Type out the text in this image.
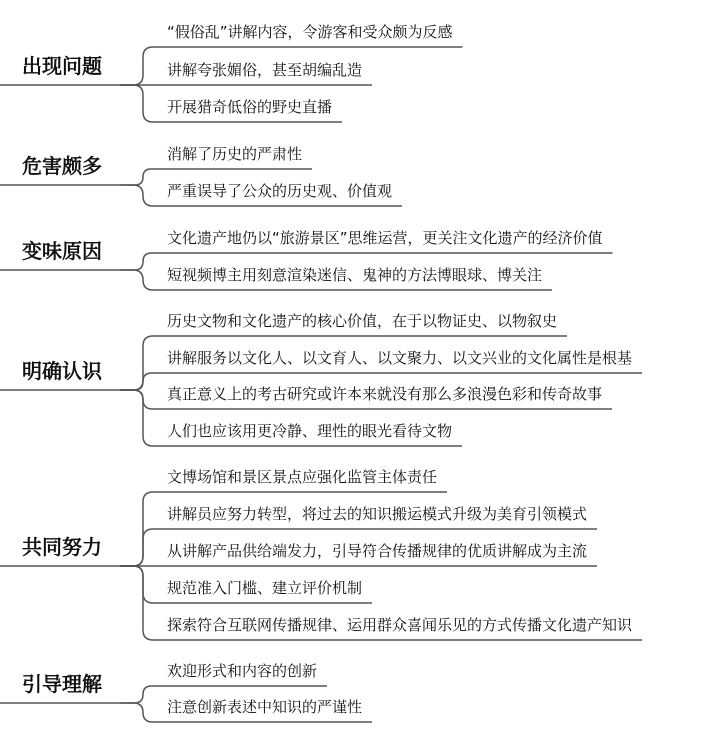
出现问题
“假俗乱”讲解内容，令游客和受众颇为反感
讲解夸张媚俗，甚至胡编乱造
开展猎奇低俗的野史直播
危害颇多	消解了历史的严肃性
严重误导了公众的历史观、价值观
变味原因
文化遗产地仍以“旅游景区”思维运营，更关注文化遗产的经济价值
短视频博主用刻意渲染迷信、鬼神的方法博眼球、博关注
明确认识
历史文物和文化遗产的核心价值，在于以物证史、以物叙史
讲解服务以文化人、以文育人、以文聚力、以文兴业的文化属性是根基
真正意义上的考古研究或许本来就没有那么多浪漫色彩和传奇故事
人们也应该用更冷静、理性的眼光看待文物
共同努力
文博场馆和景区景点应强化监管主体责任
讲解员应努力转型，将过去的知识搬运模式升级为美育引领模式
从讲解产品供给端发力，引导符合传播规律的优质讲解成为主流
规范准入门槛、建立评价机制
探索符合互联网传播规律、运用群众喜闻乐见的方式传播文化遗产知识
引导理解
欢迎形式和内容的创新
注意创新表述中知识的严谨性
